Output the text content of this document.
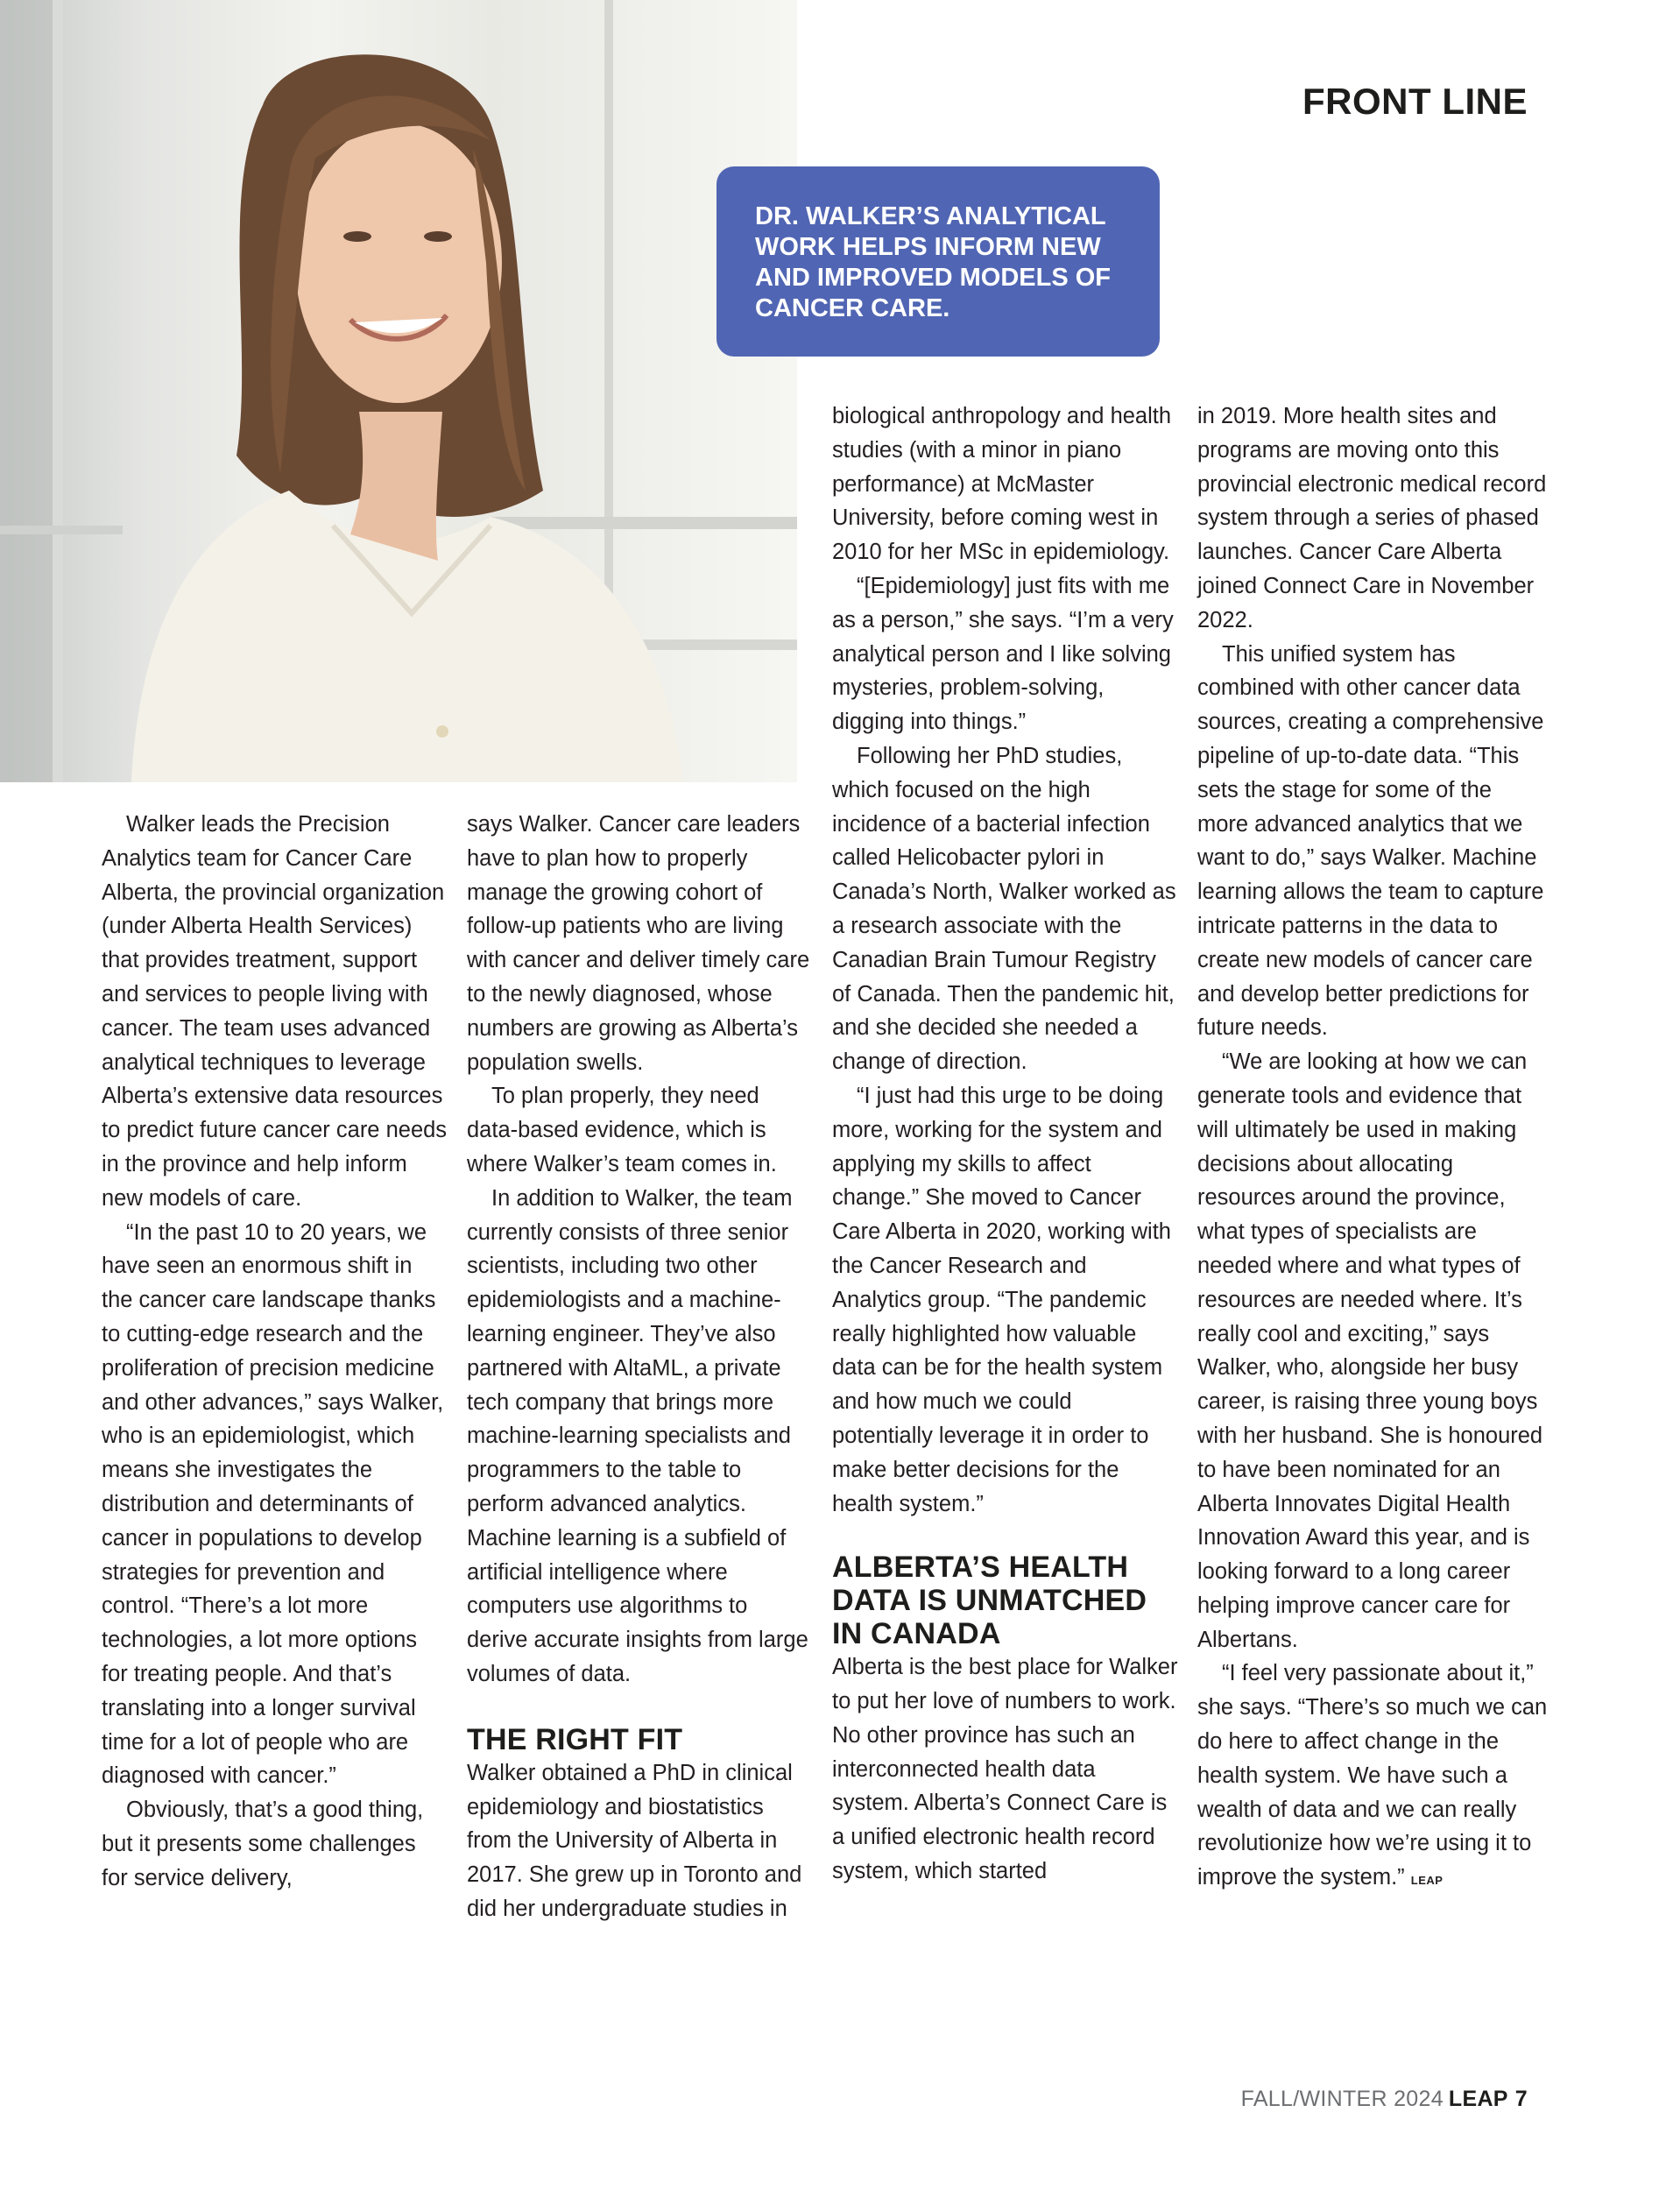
FRONT LINE

DR. WALKER’S ANALYTICAL WORK HELPS INFORM NEW AND IMPROVED MODELS OF CANCER CARE.

Walker leads the Precision Analytics team for Cancer Care Alberta, the provincial organization (under Alberta Health Services) that provides treatment, support and services to people living with cancer. The team uses advanced analytical techniques to leverage Alberta’s extensive data resources to predict future cancer care needs in the province and help inform new models of care.

“In the past 10 to 20 years, we have seen an enormous shift in the cancer care landscape thanks to cutting-edge research and the proliferation of precision medicine and other advances,” says Walker, who is an epidemiologist, which means she investigates the distribution and determinants of cancer in populations to develop strategies for prevention and control. “There’s a lot more technologies, a lot more options for treating people. And that’s translating into a longer survival time for a lot of people who are diagnosed with cancer.”

Obviously, that’s a good thing, but it presents some challenges for service delivery,

says Walker. Cancer care leaders have to plan how to properly manage the growing cohort of follow-up patients who are living with cancer and deliver timely care to the newly diagnosed, whose numbers are growing as Alberta’s population swells.

To plan properly, they need data-based evidence, which is where Walker’s team comes in.

In addition to Walker, the team currently consists of three senior scientists, including two other epidemiologists and a machine-learning engineer. They’ve also partnered with AltaML, a private tech company that brings more machine-learning specialists and programmers to the table to perform advanced analytics. Machine learning is a subfield of artificial intelligence where computers use algorithms to derive accurate insights from large volumes of data.

THE RIGHT FIT

Walker obtained a PhD in clinical epidemiology and biostatistics from the University of Alberta in 2017. She grew up in Toronto and did her undergraduate studies in

biological anthropology and health studies (with a minor in piano performance) at McMaster University, before coming west in 2010 for her MSc in epidemiology.

“[Epidemiology] just fits with me as a person,” she says. “I’m a very analytical person and I like solving mysteries, problem-solving, digging into things.”

Following her PhD studies, which focused on the high incidence of a bacterial infection called Helicobacter pylori in Canada’s North, Walker worked as a research associate with the Canadian Brain Tumour Registry of Canada. Then the pandemic hit, and she decided she needed a change of direction.

“I just had this urge to be doing more, working for the system and applying my skills to affect change.” She moved to Cancer Care Alberta in 2020, working with the Cancer Research and Analytics group. “The pandemic really highlighted how valuable data can be for the health system and how much we could potentially leverage it in order to make better decisions for the health system.”

ALBERTA’S HEALTH DATA IS UNMATCHED IN CANADA

Alberta is the best place for Walker to put her love of numbers to work. No other province has such an interconnected health data system. Alberta’s Connect Care is a unified electronic health record system, which started

in 2019. More health sites and programs are moving onto this provincial electronic medical record system through a series of phased launches. Cancer Care Alberta joined Connect Care in November 2022.

This unified system has combined with other cancer data sources, creating a comprehensive pipeline of up-to-date data. “This sets the stage for some of the more advanced analytics that we want to do,” says Walker. Machine learning allows the team to capture intricate patterns in the data to create new models of cancer care and develop better predictions for future needs.

“We are looking at how we can generate tools and evidence that will ultimately be used in making decisions about allocating resources around the province, what types of specialists are needed where and what types of resources are needed where. It’s really cool and exciting,” says Walker, who, alongside her busy career, is raising three young boys with her husband. She is honoured to have been nominated for an Alberta Innovates Digital Health Innovation Award this year, and is looking forward to a long career helping improve cancer care for Albertans.

“I feel very passionate about it,” she says. “There’s so much we can do here to affect change in the health system. We have such a wealth of data and we can really revolutionize how we’re using it to improve the system.” LEAP

FALL/WINTER 2024 LEAP 7
